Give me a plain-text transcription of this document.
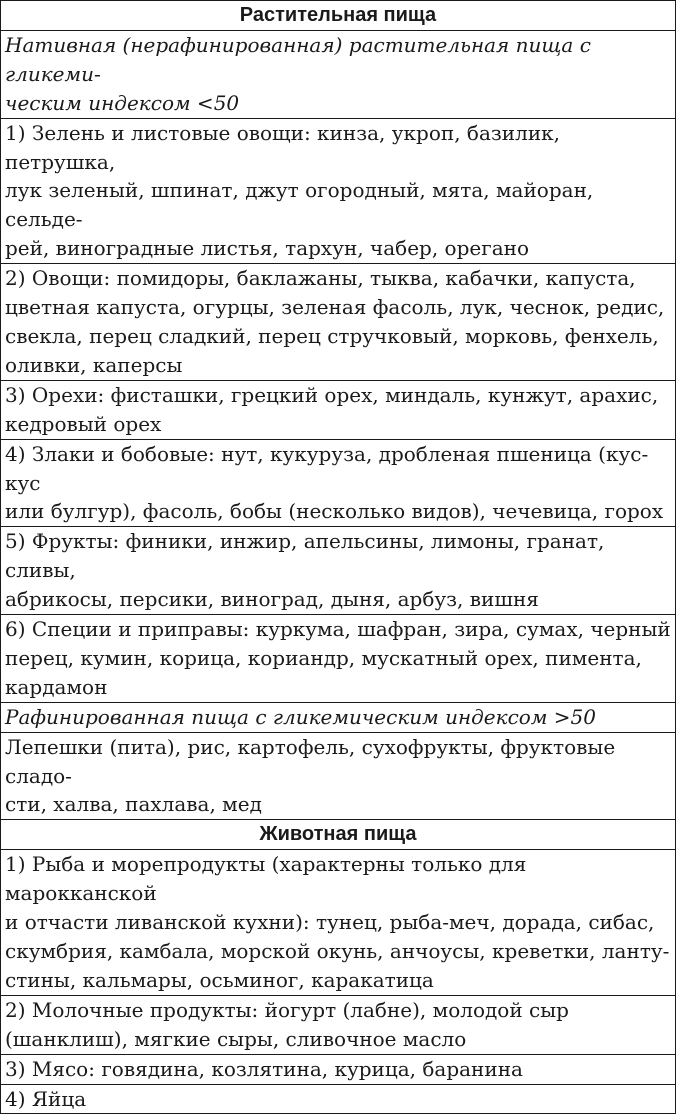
Растительная пища
Нативная (нерафинированная) растительная пища с гликеми-
ческим индексом <50
1) Зелень и листовые овощи: кинза, укроп, базилик, петрушка,
лук зеленый, шпинат, джут огородный, мята, майоран, сельде-
рей, виноградные листья, тархун, чабер, орегано
2) Овощи: помидоры, баклажаны, тыква, кабачки, капуста,
цветная капуста, огурцы, зеленая фасоль, лук, чеснок, редис,
свекла, перец сладкий, перец стручковый, морковь, фенхель,
оливки, каперсы
3) Орехи: фисташки, грецкий орех, миндаль, кунжут, арахис,
кедровый орех
4) Злаки и бобовые: нут, кукуруза, дробленая пшеница (кус-кус
или булгур), фасоль, бобы (несколько видов), чечевица, горох
5) Фрукты: финики, инжир, апельсины, лимоны, гранат, сливы,
абрикосы, персики, виноград, дыня, арбуз, вишня
6) Специи и приправы: куркума, шафран, зира, сумах, черный
перец, кумин, корица, кориандр, мускатный орех, пимента,
кардамон
Рафинированная пища с гликемическим индексом >50
Лепешки (пита), рис, картофель, сухофрукты, фруктовые сладо-
сти, халва, пахлава, мед
Животная пища
1) Рыба и морепродукты (характерны только для марокканской
и отчасти ливанской кухни): тунец, рыба-меч, дорада, сибас,
скумбрия, камбала, морской окунь, анчоусы, креветки, ланту-
стины, кальмары, осьминог, каракатица
2) Молочные продукты: йогурт (лабне), молодой сыр
(шанклиш), мягкие сыры, сливочное масло
3) Мясо: говядина, козлятина, курица, баранина
4) Яйца
